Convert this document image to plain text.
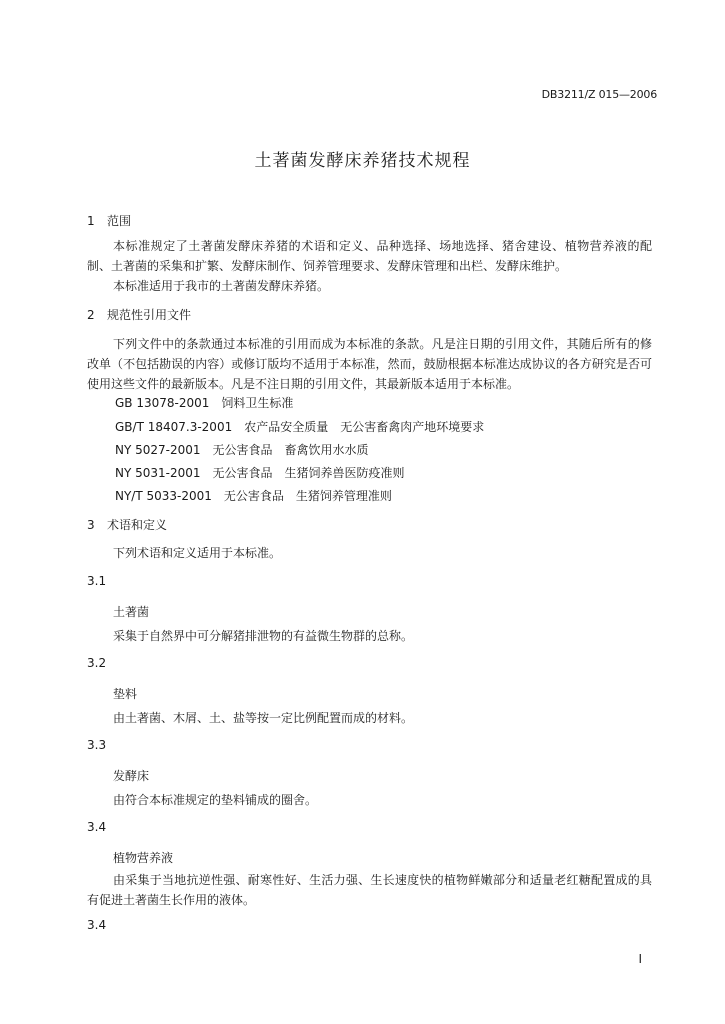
DB3211/Z 015—2006
土著菌发酵床养猪技术规程
1 范围
本标准规定了土著菌发酵床养猪的术语和定义、品种选择、场地选择、猪舍建设、植物营养液的配制、土著菌的采集和扩繁、发酵床制作、饲养管理要求、发酵床管理和出栏、发酵床维护。
本标准适用于我市的土著菌发酵床养猪。
2 规范性引用文件
下列文件中的条款通过本标准的引用而成为本标准的条款。凡是注日期的引用文件，其随后所有的修改单（不包括勘误的内容）或修订版均不适用于本标准，然而，鼓励根据本标准达成协议的各方研究是否可使用这些文件的最新版本。凡是不注日期的引用文件，其最新版本适用于本标准。
GB 13078-2001 饲料卫生标准
GB/T 18407.3-2001 农产品安全质量　无公害畜禽肉产地环境要求
NY 5027-2001 无公害食品　畜禽饮用水水质
NY 5031-2001 无公害食品　生猪饲养兽医防疫准则
NY/T 5033-2001 无公害食品　生猪饲养管理准则
3 术语和定义
下列术语和定义适用于本标准。
3.1
土著菌
采集于自然界中可分解猪排泄物的有益微生物群的总称。
3.2
垫料
由土著菌、木屑、土、盐等按一定比例配置而成的材料。
3.3
发酵床
由符合本标准规定的垫料铺成的圈舍。
3.4
植物营养液
由采集于当地抗逆性强、耐寒性好、生活力强、生长速度快的植物鲜嫩部分和适量老红糖配置成的具有促进土著菌生长作用的液体。
3.4
I
